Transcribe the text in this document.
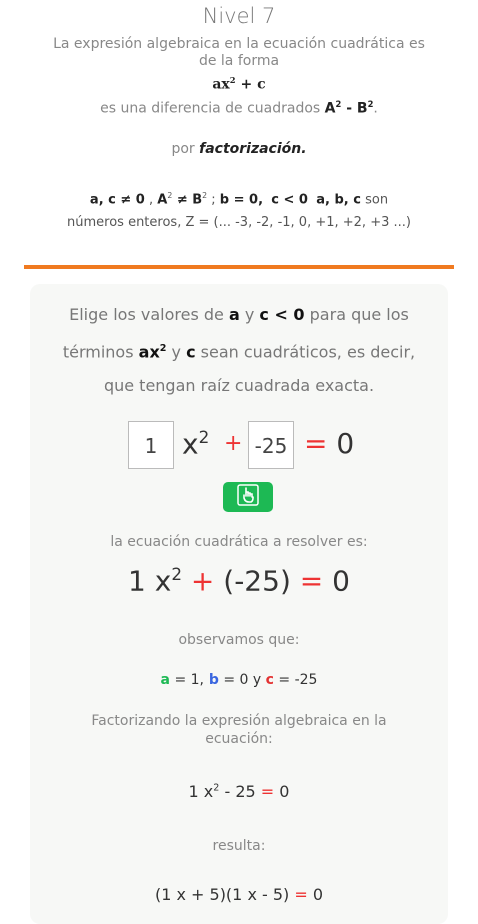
Nivel 7
La expresión algebraica en la ecuación cuadrática es
de la forma
$ax^2 + c$
es una diferencia de cuadrados $A^2 - B^2$.
por factorización.
a, c ≠ 0 , $A^2 \ne B^2$ ; b = 0, c < 0 a, b, c son
números enteros, Z = (... -3, -2, -1, 0, +1, +2, +3 ...)
Elige los valores de a y c < 0 para que los
términos $ax^2$ y c sean cuadráticos, es decir,
que tengan raíz cuadrada exacta.
1 $x^2 + -25 = 0$
la ecuación cuadrática a resolver es:
1 $x^2 + (-25) = 0$
observamos que:
a = 1, b = 0 y c = -25
Factorizando la expresión algebraica en la
ecuación:
1 $x^2 - 25 = 0$
resulta:
(1 x + 5)(1 x - 5) = 0
